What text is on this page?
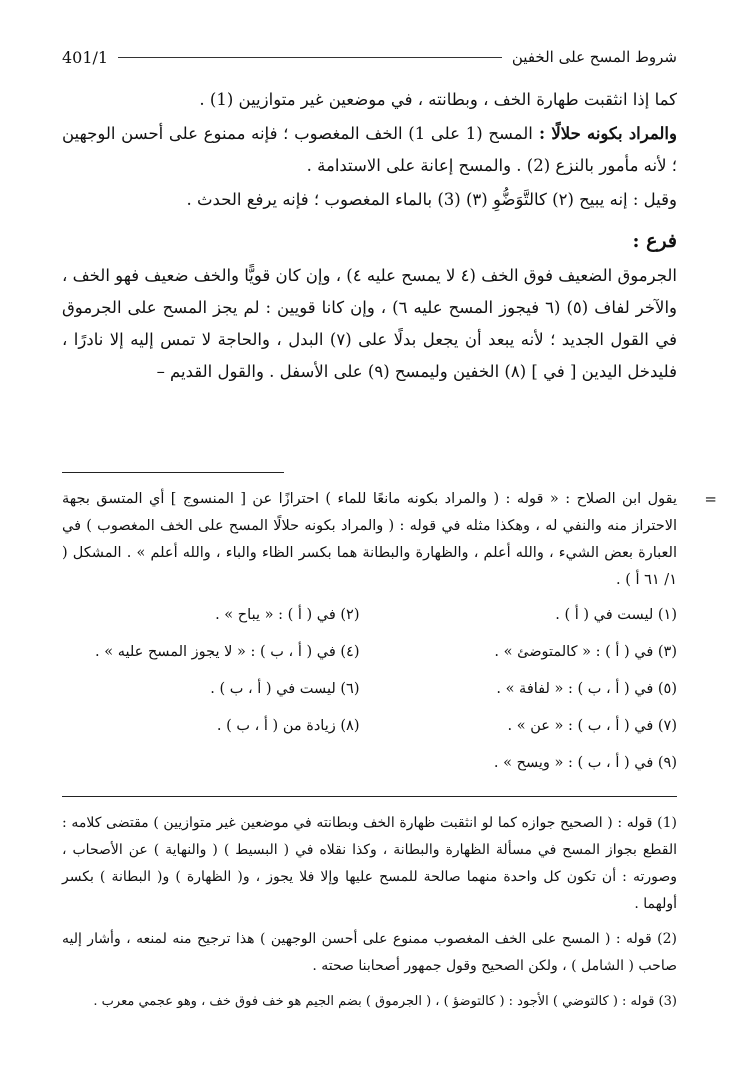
شروط المسح على الخفين
401/1

كما إذا انثقبت طهارة الخف ، وبطانته ، في موضعين غير متوازيين (1) .

والمراد بكونه حلالًا : المسح (1 على 1) الخف المغصوب ؛ فإنه ممنوع على أحسن الوجهين ؛ لأنه مأمور بالنزع (2) . والمسح إعانة على الاستدامة .

وقيل : إنه يبيح (٢) كالتَّوَضُّوِ (٣) (3) بالماء المغصوب ؛ فإنه يرفع الحدث .

فرع :

الجرموق الضعيف فوق الخف (٤ لا يمسح عليه ٤) ، وإن كان قويًّا والخف ضعيف فهو الخف ، والآخر لفاف (٥) (٦ فيجوز المسح عليه ٦) ، وإن كانا قويين : لم يجز المسح على الجرموق في القول الجديد ؛ لأنه يبعد أن يجعل بدلًا على (٧) البدل ، والحاجة لا تمس إليه إلا نادرًا ، فليدخل اليدين [ في ] (٨) الخفين وليمسح (٩) على الأسفل . والقول القديم –

=

يقول ابن الصلاح : « قوله : ( والمراد بكونه مانعًا للماء ) احترازًا عن [ المنسوج ] أي المتسق بجهة الاحتراز منه والنفي له ، وهكذا مثله في قوله : ( والمراد بكونه حلالًا المسح على الخف المغصوب ) في العبارة بعض الشيء ، والله أعلم ، والظهارة والبطانة هما بكسر الظاء والباء ، والله أعلم » . المشكل ( ١/ ٦١ أ ) .

(١) ليست في ( أ ) .
(٢) في ( أ ) : « يباح » .
(٣) في ( أ ) : « كالمتوضئ » .
(٤) في ( أ ، ب ) : « لا يجوز المسح عليه » .
(٥) في ( أ ، ب ) : « لفافة » .
(٦) ليست في ( أ ، ب ) .
(٧) في ( أ ، ب ) : « عن » .
(٨) زيادة من ( أ ، ب ) .
(٩) في ( أ ، ب ) : « ويسح » .

(1) قوله : ( الصحيح جوازه كما لو انثقبت ظهارة الخف وبطانته في موضعين غير متوازيين ) مقتضى كلامه : القطع بجواز المسح في مسألة الظهارة والبطانة ، وكذا نقلاه في ( البسيط ) ( والنهاية ) عن الأصحاب ، وصورته : أن تكون كل واحدة منهما صالحة للمسح عليها وإلا فلا يجوز ، و( الظهارة ) و( البطانة ) بكسر أولهما .

(2) قوله : ( المسح على الخف المغصوب ممنوع على أحسن الوجهين ) هذا ترجيح منه لمنعه ، وأشار إليه صاحب ( الشامل ) ، ولكن الصحيح وقول جمهور أصحابنا صحته .

(3) قوله : ( كالتوضي ) الأجود : ( كالتوضؤ ) ، ( الجرموق ) بضم الجيم هو خف فوق خف ، وهو عجمي معرب .
